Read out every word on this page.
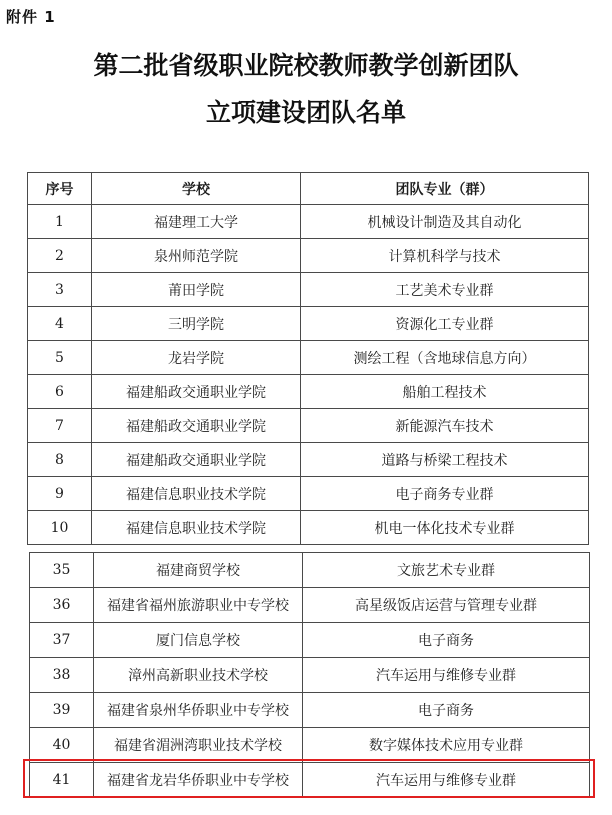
附件 1
第二批省级职业院校教师教学创新团队
立项建设团队名单
序号	学校	团队专业（群）
1	福建理工大学	机械设计制造及其自动化
2	泉州师范学院	计算机科学与技术
3	莆田学院	工艺美术专业群
4	三明学院	资源化工专业群
5	龙岩学院	测绘工程（含地球信息方向）
6	福建船政交通职业学院	船舶工程技术
7	福建船政交通职业学院	新能源汽车技术
8	福建船政交通职业学院	道路与桥梁工程技术
9	福建信息职业技术学院	电子商务专业群
10	福建信息职业技术学院	机电一体化技术专业群
35	福建商贸学校	文旅艺术专业群
36	福建省福州旅游职业中专学校	高星级饭店运营与管理专业群
37	厦门信息学校	电子商务
38	漳州高新职业技术学校	汽车运用与维修专业群
39	福建省泉州华侨职业中专学校	电子商务
40	福建省湄洲湾职业技术学校	数字媒体技术应用专业群
41	福建省龙岩华侨职业中专学校	汽车运用与维修专业群
